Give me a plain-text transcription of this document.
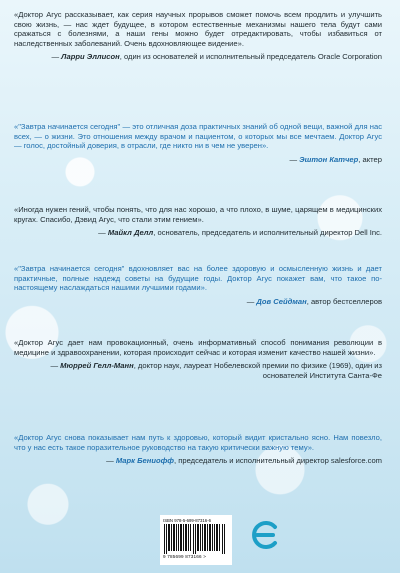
«Доктор Агус рассказывает, как серия научных прорывов сможет помочь всем продлить и улучшить свою жизнь, — нас ждет будущее, в котором естественные механизмы нашего тела будут сами сражаться с болезнями, а наши гены можно будет отредактировать, чтобы избавиться от наследственных заболеваний. Очень вдохновляющее видение».
— Ларри Эллисон, один из основателей и исполнительный председатель Oracle Corporation
«"Завтра начинается сегодня" — это отличная доза практичных знаний об одной вещи, важной для нас всех, — о жизни. Это отношения между врачом и пациентом, о которых мы все мечтаем. Доктор Агус — голос, достойный доверия, в отрасли, где никто ни в чем не уверен».
— Эштон Катчер, актер
«Иногда нужен гений, чтобы понять, что для нас хорошо, а что плохо, в шуме, царящем в медицинских кругах. Спасибо, Дэвид Агус, что стали этим гением».
— Майкл Делл, основатель, председатель и исполнительный директор Dell Inc.
«"Завтра начинается сегодня" вдохновляет вас на более здоровую и осмысленную жизнь и дает практичные, полные надежд советы на будущие годы. Доктор Агус покажет вам, что такое по-настоящему наслаждаться нашими лучшими годами».
— Дов Сейдман, автор бестселлеров
«Доктор Агус дает нам провокационный, очень информативный способ понимания революции в медицине и здравоохранении, которая происходит сейчас и которая изменит качество нашей жизни».
— Мюррей Гелл-Манн, доктор наук, лауреат Нобелевской премии по физике (1969), один из основателей Института Санта-Фе
«Доктор Агус снова показывает нам путь к здоровью, который видит кристально ясно. Нам повезло, что у нас есть такое поразительное руководство на такую критически важную тему».
— Марк Бениофф, председатель и исполнительный директор salesforce.com
ISBN 978-5-699-87316-6
9 785699 873166 >
